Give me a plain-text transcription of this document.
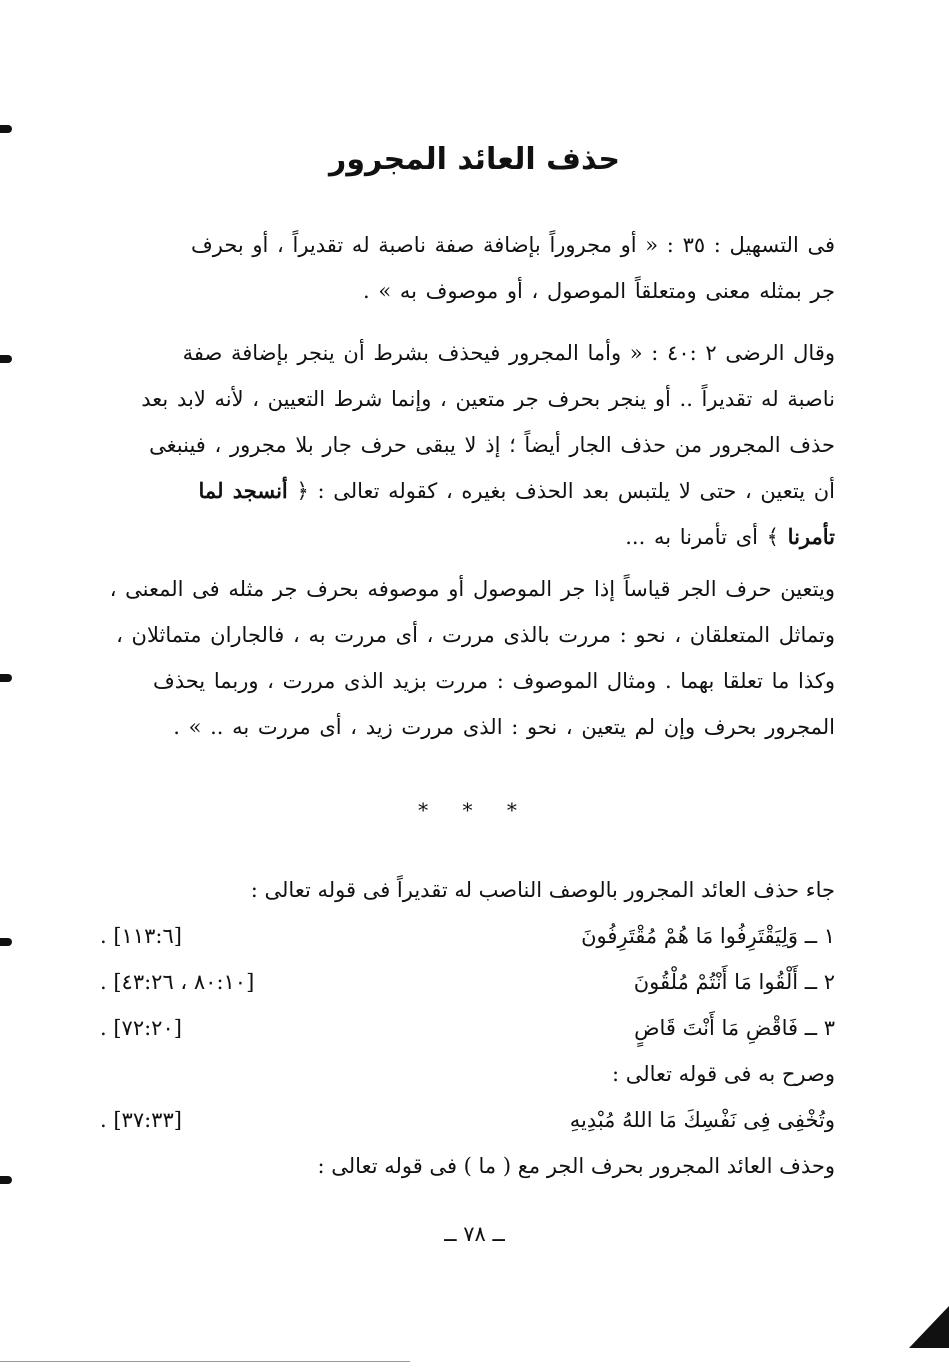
حذف العائد المجرور
فى التسهيل : ٣٥ : « أو مجروراً بإضافة صفة ناصبة له تقديراً ، أو بحرف
جر بمثله معنى ومتعلقاً الموصول ، أو موصوف به » .
وقال الرضى ٢ :٤٠ : « وأما المجرور فيحذف بشرط أن ينجر بإضافة صفة
ناصبة له تقديراً .. أو ينجر بحرف جر متعين ، وإنما شرط التعيين ، لأنه لابد بعد
حذف المجرور من حذف الجار أيضاً ؛ إذ لا يبقى حرف جار بلا مجرور ، فينبغى
أن يتعين ، حتى لا يلتبس بعد الحذف بغيره ، كقوله تعالى : ﴿ أنسجد لما
تأمرنا ﴾ أى تأمرنا به ...
ويتعين حرف الجر قياساً إذا جر الموصول أو موصوفه بحرف جر مثله فى المعنى ،
وتماثل المتعلقان ، نحو : مررت بالذى مررت ، أى مررت به ، فالجاران متماثلان ،
وكذا ما تعلقا بهما . ومثال الموصوف : مررت بزيد الذى مررت ، وربما يحذف
المجرور بحرف وإن لم يتعين ، نحو : الذى مررت زيد ، أى مررت به .. » .
* * *
جاء حذف العائد المجرور بالوصف الناصب له تقديراً فى قوله تعالى :
١ ــ وَلِيَقْتَرِفُوا مَا هُمْ مُقْتَرِفُونَ
[١١٣:٦] .
٢ ــ أَلْقُوا مَا أَنْتُمْ مُلْقُونَ
[٨٠:١٠ ، ٤٣:٢٦] .
٣ ــ فَاقْضِ مَا أَنْتَ قَاضٍ
[٧٢:٢٠] .
وصرح به فى قوله تعالى :
وتُخْفِى فِى نَفْسِكَ مَا اللهُ مُبْدِيهِ
[٣٧:٣٣] .
وحذف العائد المجرور بحرف الجر مع ( ما ) فى قوله تعالى :
ــ ٧٨ ــ
